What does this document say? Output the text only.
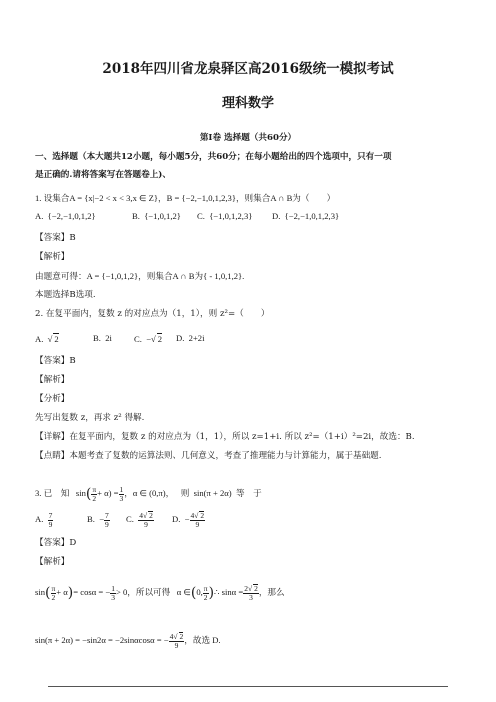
2018年四川省龙泉驿区高2016级统一模拟考试
理科数学
第Ⅰ卷 选择题（共60分）
一、选择题（本大题共12小题，每小题5分，共60分；在每小题给出的四个选项中，只有一项
是正确的.请将答案写在答题卷上)、
1. 设集合A = {x|−2 < x < 3,x ∈ Z}，B = {−2,−1,0,1,2,3}，则集合A ∩ B为（　　）
A. {−2,−1,0,1,2}	B. {−1,0,1,2} C. {−1,0,1,2,3} D. {−2,−1,0,1,2,3}
【答案】B
【解析】
由题意可得：A = {−1,0,1,2}，则集合A ∩ B为{ - 1,0,1,2}.
本题选择B选项.
2. 在复平面内，复数 z 的对应点为（1，1），则 z²=（　　）
A.  √ 2	B. 2i	C. −√ 2 D. 2+2i
【答案】B
【解析】
【分析】
先写出复数 z，再求 z² 得解.
【详解】在复平面内，复数 z 的对应点为（1，1），所以 z=1+i. 所以 z²=（1+i）²=2i，故选：B.
【点睛】本题考查了复数的运算法则、几何意义，考查了推理能力与计算能力，属于基础题.
3. 已　知 $\sin( \frac{\pi}{2} + \alpha) = \frac{1}{3}$ ，α ∈ (0,π)， 则 sin(π + 2α) 等　于
A. $\frac{7}{9}$	B. − $\frac{7}{9} C$. $\frac{4√ 2}{9} D$. − $\frac{4√ 2}{9}$
【答案】D
【解析】
$\sin( \frac{\pi}{2} + \alpha)= \cos\alpha$ = − $\frac{1}{3} > 0$，所以可得 α ∈(0, $\frac{\pi}{2}$ )∴ $\sin\alpha = \frac{2√ 2}{3}$ ，那么
sin(π + 2α) = −sin2α = −2sinαcosα = − $\frac{4√ 2}{9}$ ，故选 D.
